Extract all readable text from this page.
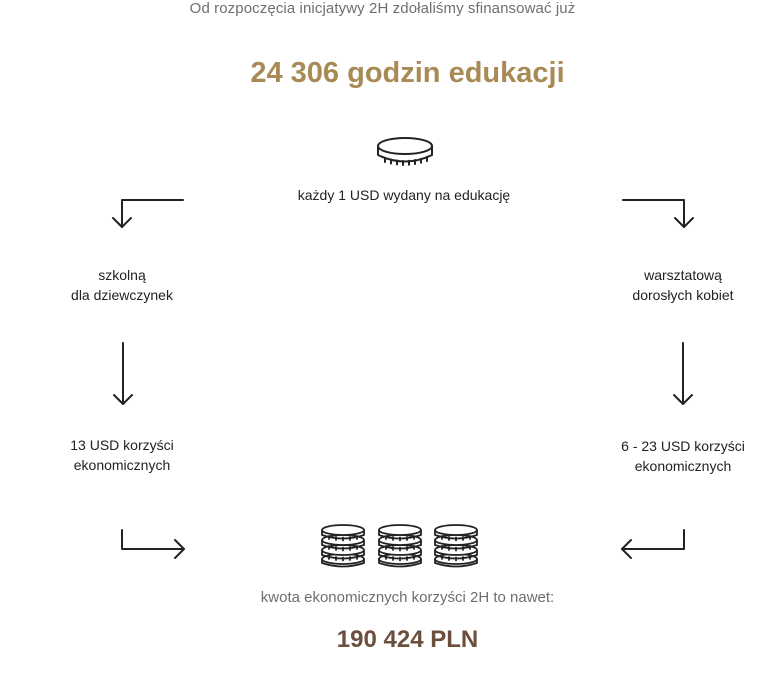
Od rozpoczęcia inicjatywy 2H zdołaliśmy sfinansować już
24 306 godzin edukacji
każdy 1 USD wydany na edukację
szkolną
dla dziewczynek
13 USD korzyści
ekonomicznych
warsztatową
dorosłych kobiet
6 - 23 USD korzyści
ekonomicznych
kwota ekonomicznych korzyści 2H to nawet:
190 424 PLN
